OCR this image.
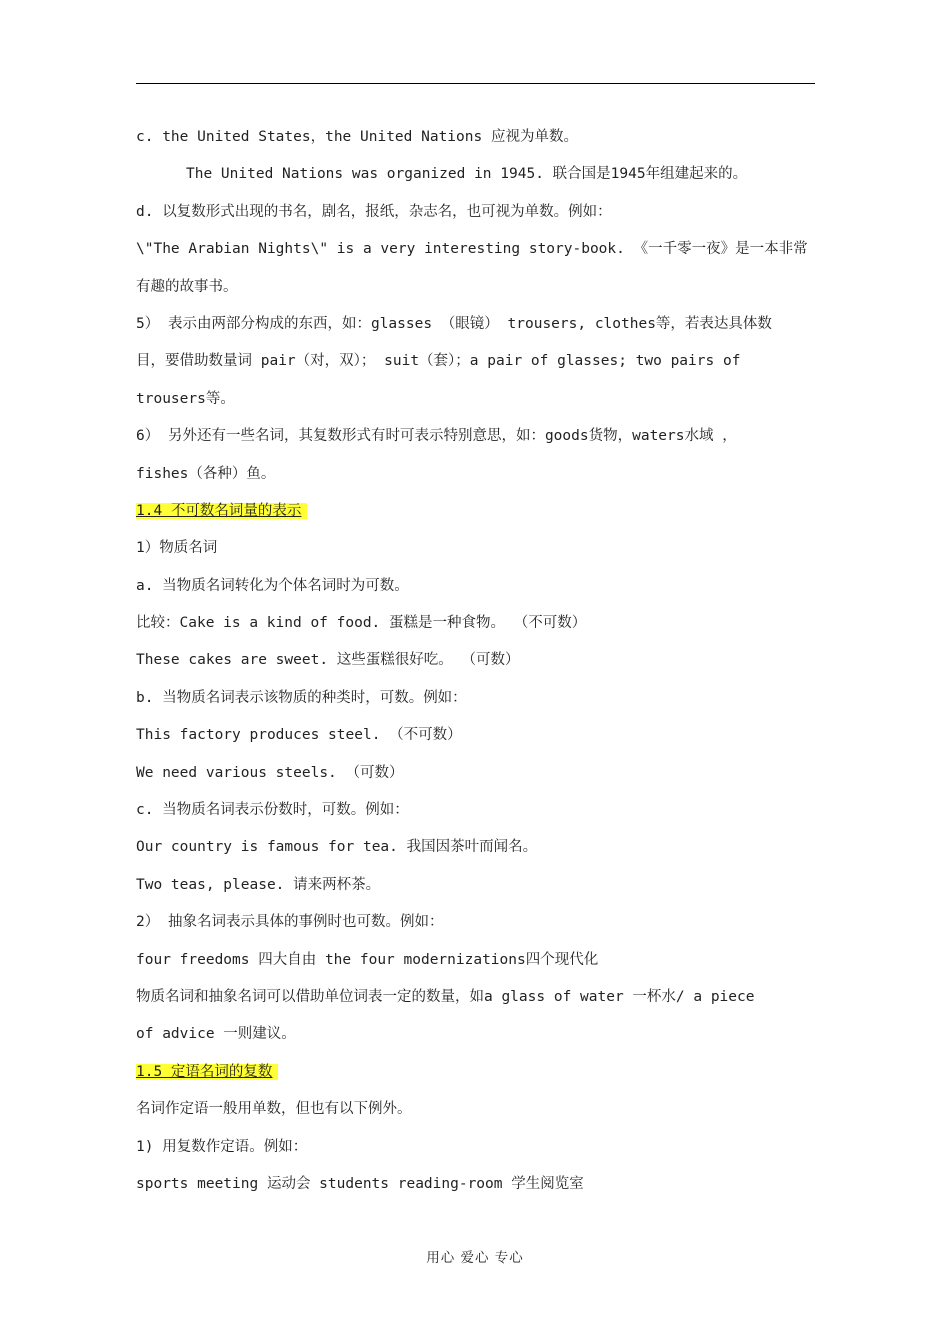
c. the United States，the United Nations 应视为单数。
The United Nations was organized in 1945. 联合国是1945年组建起来的。
d. 以复数形式出现的书名，剧名，报纸，杂志名，也可视为单数。例如：
\"The Arabian Nights\" is a very interesting story-book. 《一千零一夜》是一本非常
有趣的故事书。
5） 表示由两部分构成的东西，如：glasses （眼镜） trousers, clothes等，若表达具体数
目，要借助数量词 pair（对，双）； suit（套）；a pair of glasses; two pairs of
trousers等。
6） 另外还有一些名词，其复数形式有时可表示特别意思，如：goods货物，waters水域 ，
fishes（各种）鱼。
1.4 不可数名词量的表示
1）物质名词
a. 当物质名词转化为个体名词时为可数。
比较：Cake is a kind of food. 蛋糕是一种食物。 （不可数）
These cakes are sweet. 这些蛋糕很好吃。 （可数）
b. 当物质名词表示该物质的种类时，可数。例如：
This factory produces steel. （不可数）
We need various steels. （可数）
c. 当物质名词表示份数时，可数。例如：
Our country is famous for tea. 我国因茶叶而闻名。
Two teas, please. 请来两杯茶。
2） 抽象名词表示具体的事例时也可数。例如：
four freedoms 四大自由 the four modernizations四个现代化
物质名词和抽象名词可以借助单位词表一定的数量，如a glass of water 一杯水/ a piece
of advice 一则建议。
1.5 定语名词的复数
名词作定语一般用单数，但也有以下例外。
1) 用复数作定语。例如：
sports meeting 运动会 students reading-room 学生阅览室
用心 爱心 专心
